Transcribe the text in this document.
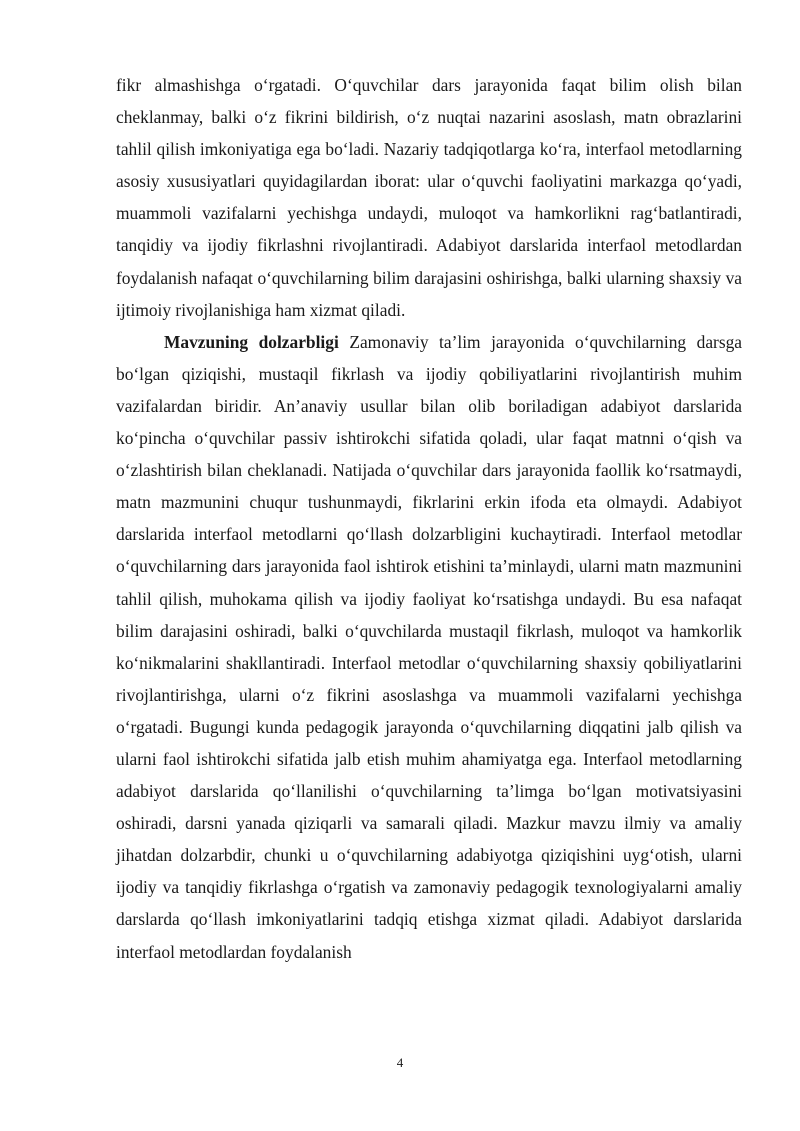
fikr almashishga oʻrgatadi. Oʻquvchilar dars jarayonida faqat bilim olish bilan cheklanmay, balki oʻz fikrini bildirish, oʻz nuqtai nazarini asoslash, matn obrazlarini tahlil qilish imkoniyatiga ega boʻladi. Nazariy tadqiqotlarga koʻra, interfaol metodlarning asosiy xususiyatlari quyidagilardan iborat: ular oʻquvchi faoliyatini markazga qoʻyadi, muammoli vazifalarni yechishga undaydi, muloqot va hamkorlikni ragʻbatlantiradi, tanqidiy va ijodiy fikrlashni rivojlantiradi. Adabiyot darslarida interfaol metodlardan foydalanish nafaqat oʻquvchilarning bilim darajasini oshirishga, balki ularning shaxsiy va ijtimoiy rivojlanishiga ham xizmat qiladi.

Mavzuning dolzarbligi Zamonaviy taʼlim jarayonida oʻquvchilarning darsga boʻlgan qiziqishi, mustaqil fikrlash va ijodiy qobiliyatlarini rivojlantirish muhim vazifalardan biridir. Anʼanaviy usullar bilan olib boriladigan adabiyot darslarida koʻpincha oʻquvchilar passiv ishtirokchi sifatida qoladi, ular faqat matnni oʻqish va oʻzlashtirish bilan cheklanadi. Natijada oʻquvchilar dars jarayonida faollik koʻrsatmaydi, matn mazmunini chuqur tushunmaydi, fikrlarini erkin ifoda eta olmaydi. Adabiyot darslarida interfaol metodlarni qoʻllash dolzarbligini kuchaytiradi. Interfaol metodlar oʻquvchilarning dars jarayonida faol ishtirok etishini taʼminlaydi, ularni matn mazmunini tahlil qilish, muhokama qilish va ijodiy faoliyat koʻrsatishga undaydi. Bu esa nafaqat bilim darajasini oshiradi, balki oʻquvchilarda mustaqil fikrlash, muloqot va hamkorlik koʻnikmalarini shakllantiradi. Interfaol metodlar oʻquvchilarning shaxsiy qobiliyatlarini rivojlantirishga, ularni oʻz fikrini asoslashga va muammoli vazifalarni yechishga oʻrgatadi. Bugungi kunda pedagogik jarayonda oʻquvchilarning diqqatini jalb qilish va ularni faol ishtirokchi sifatida jalb etish muhim ahamiyatga ega. Interfaol metodlarning adabiyot darslarida qoʻllanilishi oʻquvchilarning taʼlimga boʻlgan motivatsiyasini oshiradi, darsni yanada qiziqarli va samarali qiladi. Mazkur mavzu ilmiy va amaliy jihatdan dolzarbdir, chunki u oʻquvchilarning adabiyotga qiziqishini uygʻotish, ularni ijodiy va tanqidiy fikrlashga oʻrgatish va zamonaviy pedagogik texnologiyalarni amaliy darslarda qoʻllash imkoniyatlarini tadqiq etishga xizmat qiladi. Adabiyot darslarida interfaol metodlardan foydalanish

4
